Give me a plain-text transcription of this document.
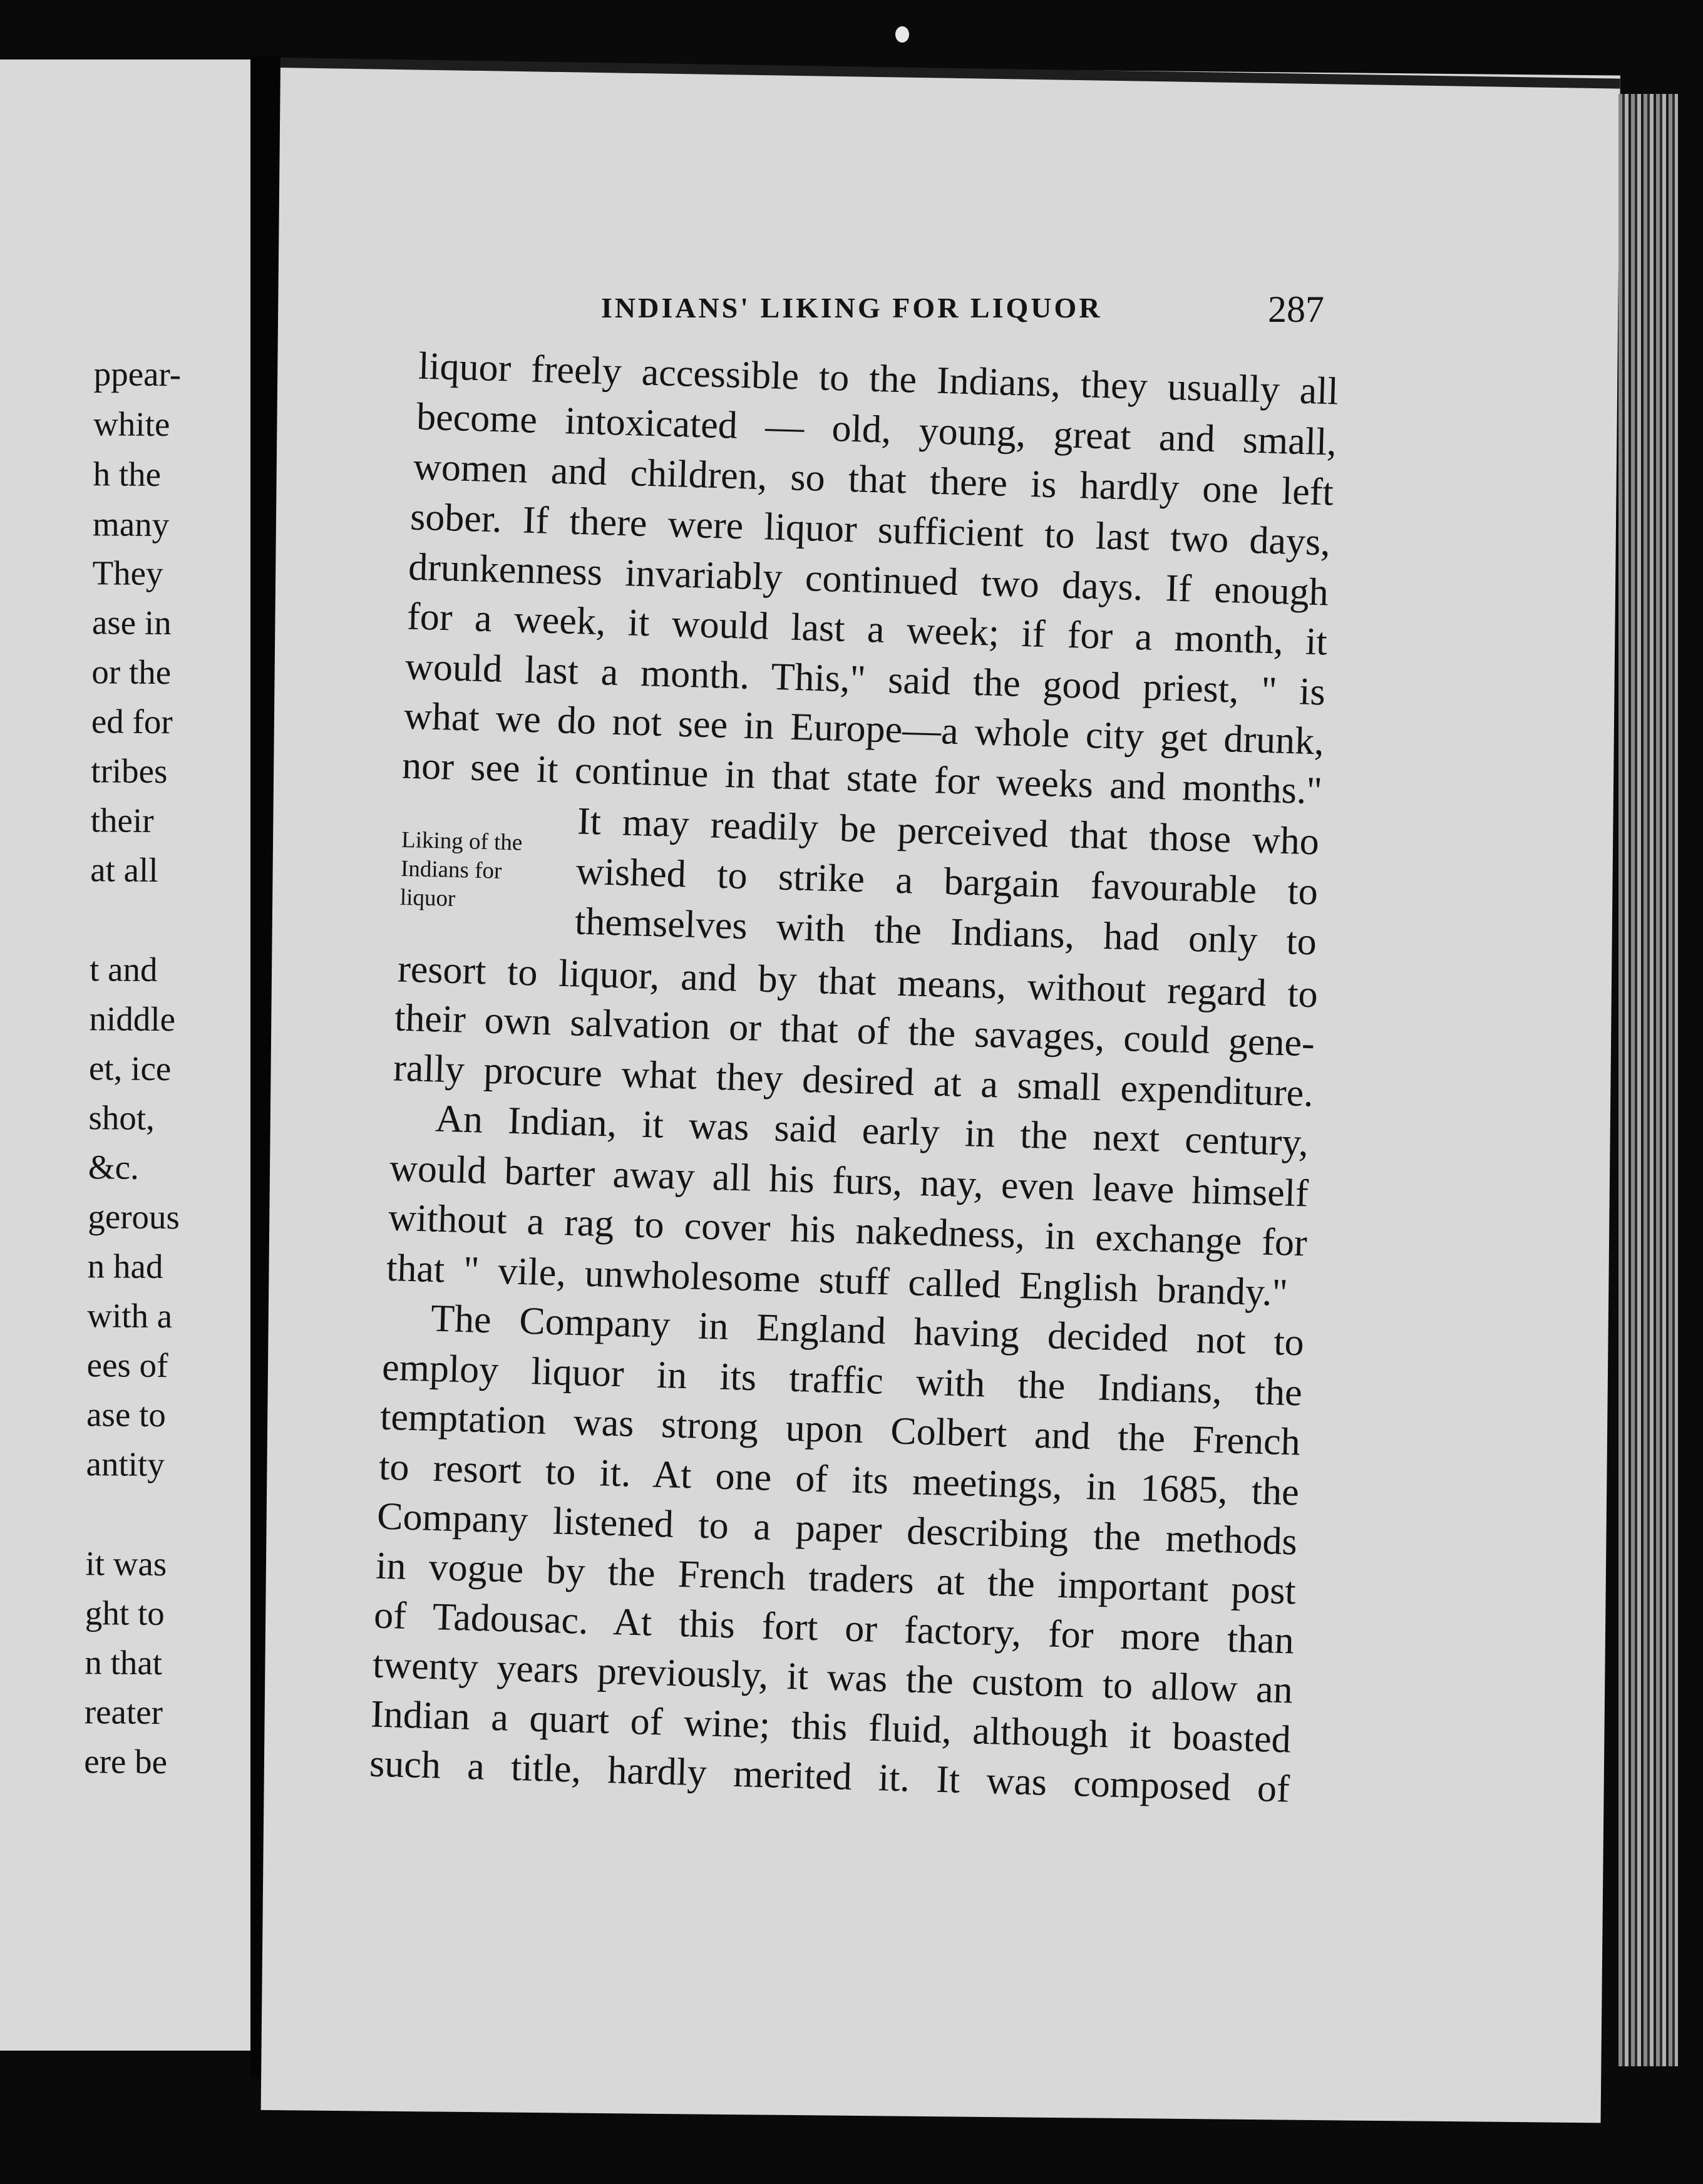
ppear-
white
h the
many
They
ase in
or the
ed for
tribes
their
at all
t and
niddle
et, ice
shot,
&c.
gerous
n had
with a
ees of
ase to
antity
it was
ght to
n that
reater
ere be
INDIANS' LIKING FOR LIQUOR	287
liquor freely accessible to the Indians, they usually all
become intoxicated — old, young, great and small,
women and children, so that there is hardly one left
sober. If there were liquor sufficient to last two days,
drunkenness invariably continued two days. If enough
for a week, it would last a week; if for a month, it
would last a month. This," said the good priest, " is
what we do not see in Europe—a whole city get drunk,
nor see it continue in that state for weeks and months."
Liking of the
Indians for
liquor
It may readily be perceived that those who
wished to strike a bargain favourable to
themselves with the Indians, had only to
resort to liquor, and by that means, without regard to
their own salvation or that of the savages, could gene-
rally procure what they desired at a small expenditure.
An Indian, it was said early in the next century,
would barter away all his furs, nay, even leave himself
without a rag to cover his nakedness, in exchange for
that " vile, unwholesome stuff called English brandy."
The Company in England having decided not to
employ liquor in its traffic with the Indians, the
temptation was strong upon Colbert and the French
to resort to it. At one of its meetings, in 1685, the
Company listened to a paper describing the methods
in vogue by the French traders at the important post
of Tadousac. At this fort or factory, for more than
twenty years previously, it was the custom to allow an
Indian a quart of wine; this fluid, although it boasted
such a title, hardly merited it. It was composed of
